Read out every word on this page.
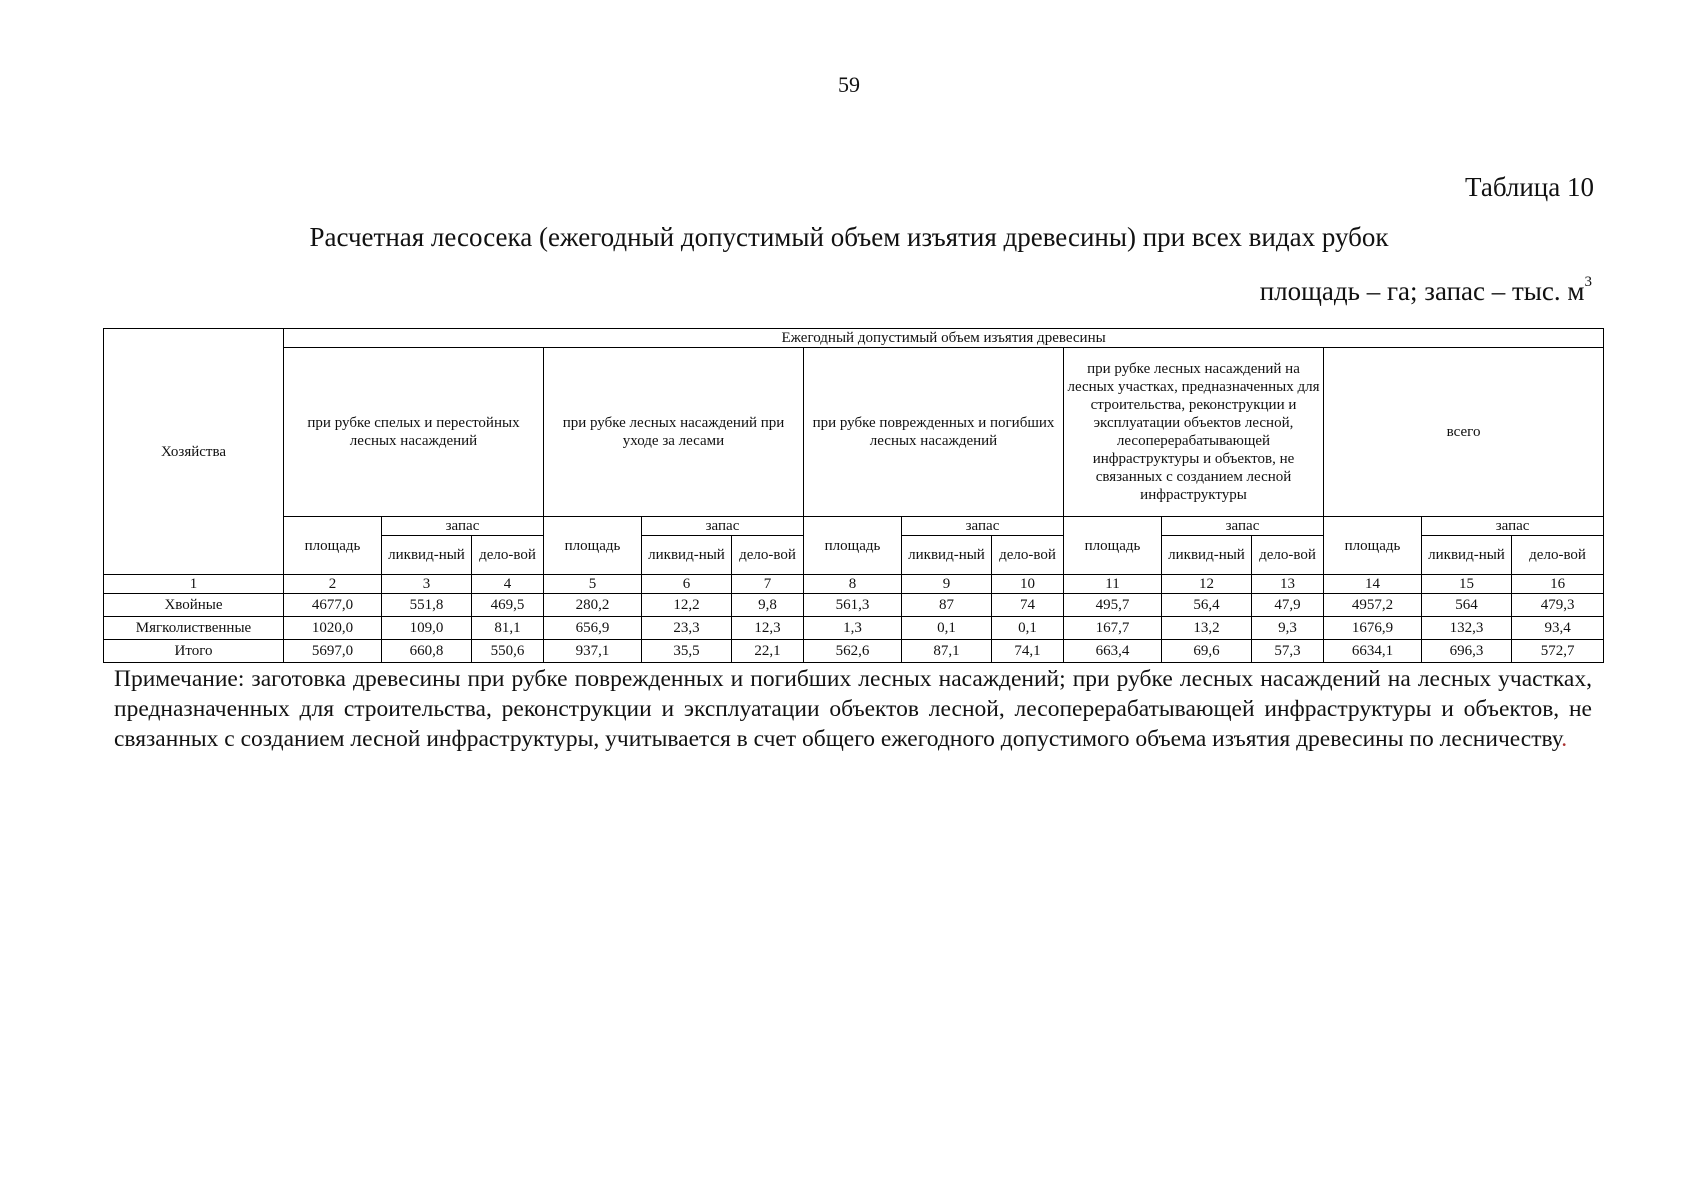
59
Таблица 10
Расчетная лесосека (ежегодный допустимый объем изъятия древесины) при всех видах рубок
площадь – га; запас – тыс. $м^3$
Хозяйства	Ежегодный допустимый объем изъятия древесины														
	при рубке спелых и перестойных лесных насаждений			при рубке лесных насаждений при уходе за лесами			при рубке поврежденных и погибших лесных насаждений			при рубке лесных насаждений на лесных участках, предназначенных для строительства, реконструкции и эксплуатации объектов лесной, лесоперерабатывающей инфраструктуры и объектов, не связанных с созданием лесной инфраструктуры			всего		
	площадь	запас		площадь	запас		площадь	запас		площадь	запас		площадь	запас	
		ликвид-ный	дело-вой		ликвид-ный	дело-вой		ликвид-ный	дело-вой		ликвид-ный	дело-вой		ликвид-ный	дело-вой
1	2	3	4	5	6	7	8	9	10	11	12	13	14	15	16
Хвойные	4677,0	551,8	469,5	280,2	12,2	9,8	561,3	87	74	495,7	56,4	47,9	4957,2	564	479,3
Мягколиственные	1020,0	109,0	81,1	656,9	23,3	12,3	1,3	0,1	0,1	167,7	13,2	9,3	1676,9	132,3	93,4
Итого	5697,0	660,8	550,6	937,1	35,5	22,1	562,6	87,1	74,1	663,4	69,6	57,3	6634,1	696,3	572,7
Примечание: заготовка древесины при рубке поврежденных и погибших лесных насаждений; при рубке лесных насаждений на лесных участках, предназначенных для строительства, реконструкции и эксплуатации объектов лесной, лесоперерабатывающей инфраструктуры и объектов, не связанных с созданием лесной инфраструктуры, учитывается в счет общего ежегодного допустимого объема изъятия древесины по лесничеству.
